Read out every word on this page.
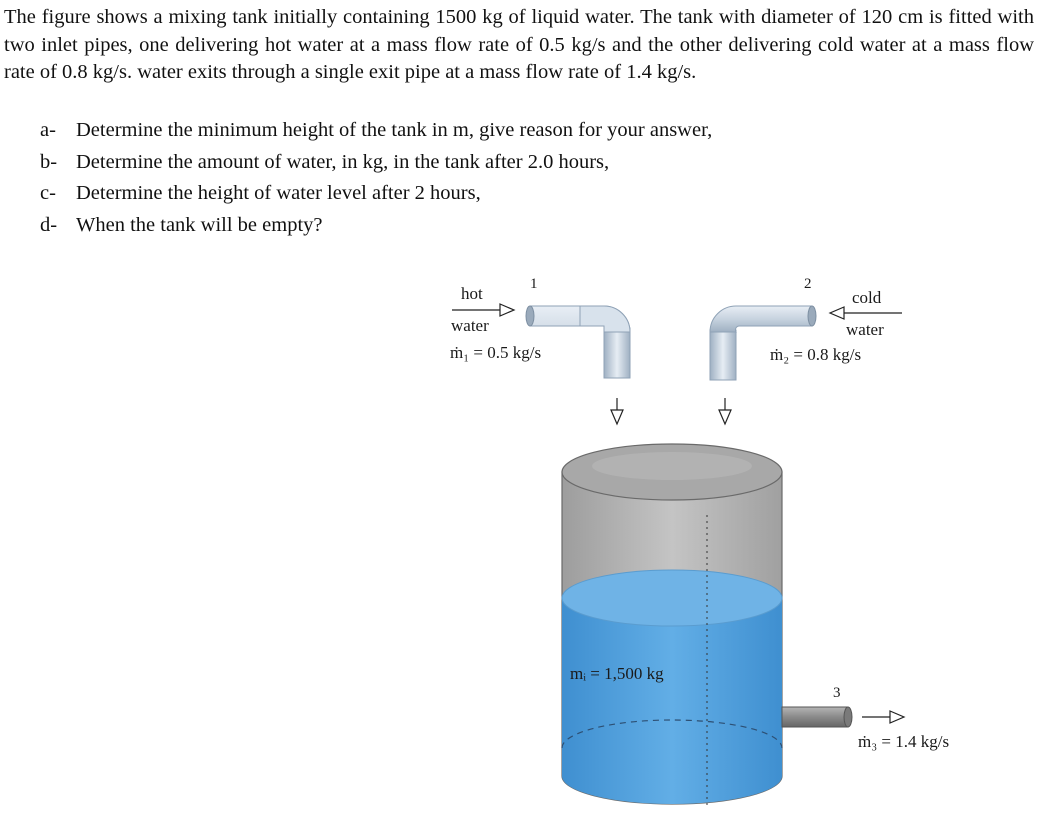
The figure shows a mixing tank initially containing 1500 kg of liquid water. The tank with diameter of 120 cm is fitted with two inlet pipes, one delivering hot water at a mass flow rate of 0.5 kg/s and the other delivering cold water at a mass flow rate of 0.8 kg/s. water exits through a single exit pipe at a mass flow rate of 1.4 kg/s.
a- Determine the minimum height of the tank in m, give reason for your answer,
b- Determine the amount of water, in kg, in the tank after 2.0 hours,
c- Determine the height of water level after 2 hours,
d- When the tank will be empty?
1
hot
water
ṁ₁ = 0.5 kg/s
2
cold
water
ṁ₂ = 0.8 kg/s
mᵢ = 1,500 kg
3
ṁ₃ = 1.4 kg/s
